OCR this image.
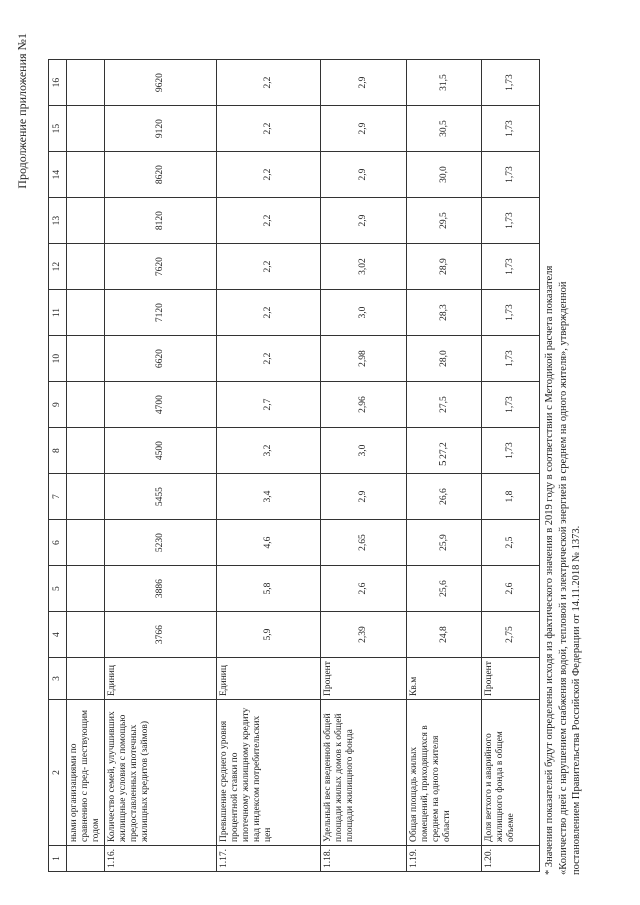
5
Продолжение приложения №1
1	2	3	4	5	6	7	8	9	10	11	12	13	14	15	16
	ными организациями по сравнению с пред- шествующим годом														
1.16.	Количество семей, улучшивших жилищные условия с помощью предоставленных ипотечных жилищных кредитов (займов)	Единиц	3766	3886	5230	5455	4500	4700	6620	7120	7620	8120	8620	9120	9620
1.17.	Превышение среднего уровня процентной ставки по ипотечному жилищному кредиту над индексом потребительских цен	Единиц	5,9	5,8	4,6	3,4	3,2	2,7	2,2	2,2	2,2	2,2	2,2	2,2	2,2
1.18.	Удельный вес введенной общей площади жилых домов к общей площади жилищного фонда	Процент	2,39	2,6	2,65	2,9	3,0	2,96	2,98	3,0	3,02	2,9	2,9	2,9	2,9
1.19.	Общая площадь жилых помещений, приходящихся в среднем на одного жителя области	Кв.м	24,8	25,6	25,9	26,6	27,2	27,5	28,0	28,3	28,9	29,5	30,0	30,5	31,5
1.20.	Доля ветхого и аварийного жилищного фонда в общем объеме	Процент	2,75	2,6	2,5	1,8	1,73	1,73	1,73	1,73	1,73	1,73	1,73	1,73	1,73

* Значения показателей будут определены исходя из фактического значения в 2019 году в соответствии с Методикой расчета показателя «Количество дней с нарушением снабжения водой, тепловой и электрической энергией в среднем на одного жителя», утвержденной постановлением Правительства Российской Федерации от 14.11.2018 № 1373.
